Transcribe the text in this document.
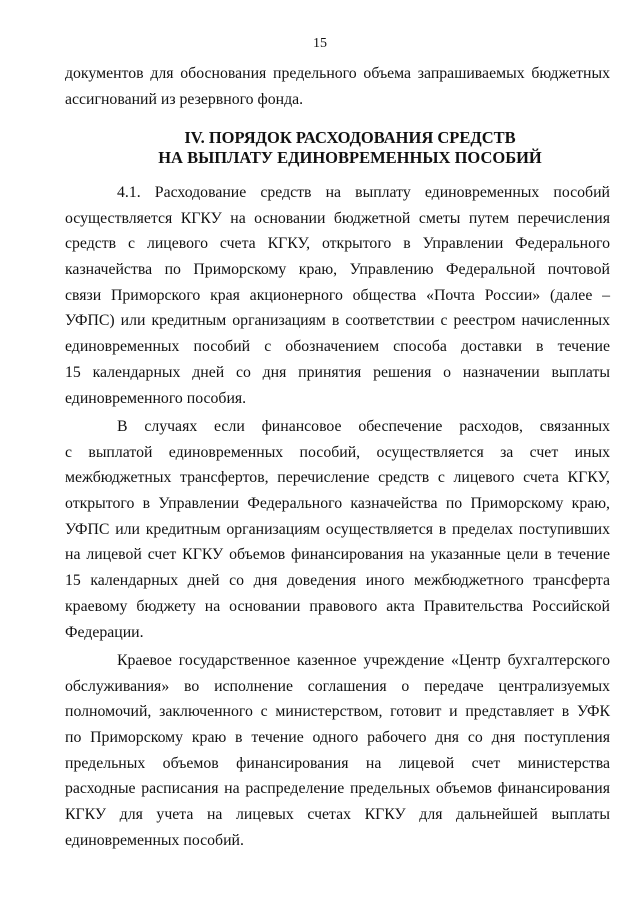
15
документов для обоснования предельного объема запрашиваемых бюджетных
ассигнований из резервного фонда.
IV. ПОРЯДОК РАСХОДОВАНИЯ СРЕДСТВ
НА ВЫПЛАТУ ЕДИНОВРЕМЕННЫХ ПОСОБИЙ
4.1. Расходование средств на выплату единовременных пособий
осуществляется КГКУ на основании бюджетной сметы путем перечисления
средств с лицевого счета КГКУ, открытого в Управлении Федерального
казначейства по Приморскому краю, Управлению Федеральной почтовой
связи Приморского края акционерного общества «Почта России» (далее –
УФПС) или кредитным организациям в соответствии с реестром начисленных
единовременных пособий с обозначением способа доставки в течение
15 календарных дней со дня принятия решения о назначении выплаты
единовременного пособия.
В случаях если финансовое обеспечение расходов, связанных
с выплатой единовременных пособий, осуществляется за счет иных
межбюджетных трансфертов, перечисление средств с лицевого счета КГКУ,
открытого в Управлении Федерального казначейства по Приморскому краю,
УФПС или кредитным организациям осуществляется в пределах поступивших
на лицевой счет КГКУ объемов финансирования на указанные цели в течение
15 календарных дней со дня доведения иного межбюджетного трансферта
краевому бюджету на основании правового акта Правительства Российской
Федерации.
Краевое государственное казенное учреждение «Центр бухгалтерского
обслуживания» во исполнение соглашения о передаче централизуемых
полномочий, заключенного с министерством, готовит и представляет в УФК
по Приморскому краю в течение одного рабочего дня со дня поступления
предельных объемов финансирования на лицевой счет министерства
расходные расписания на распределение предельных объемов финансирования
КГКУ для учета на лицевых счетах КГКУ для дальнейшей выплаты
единовременных пособий.
